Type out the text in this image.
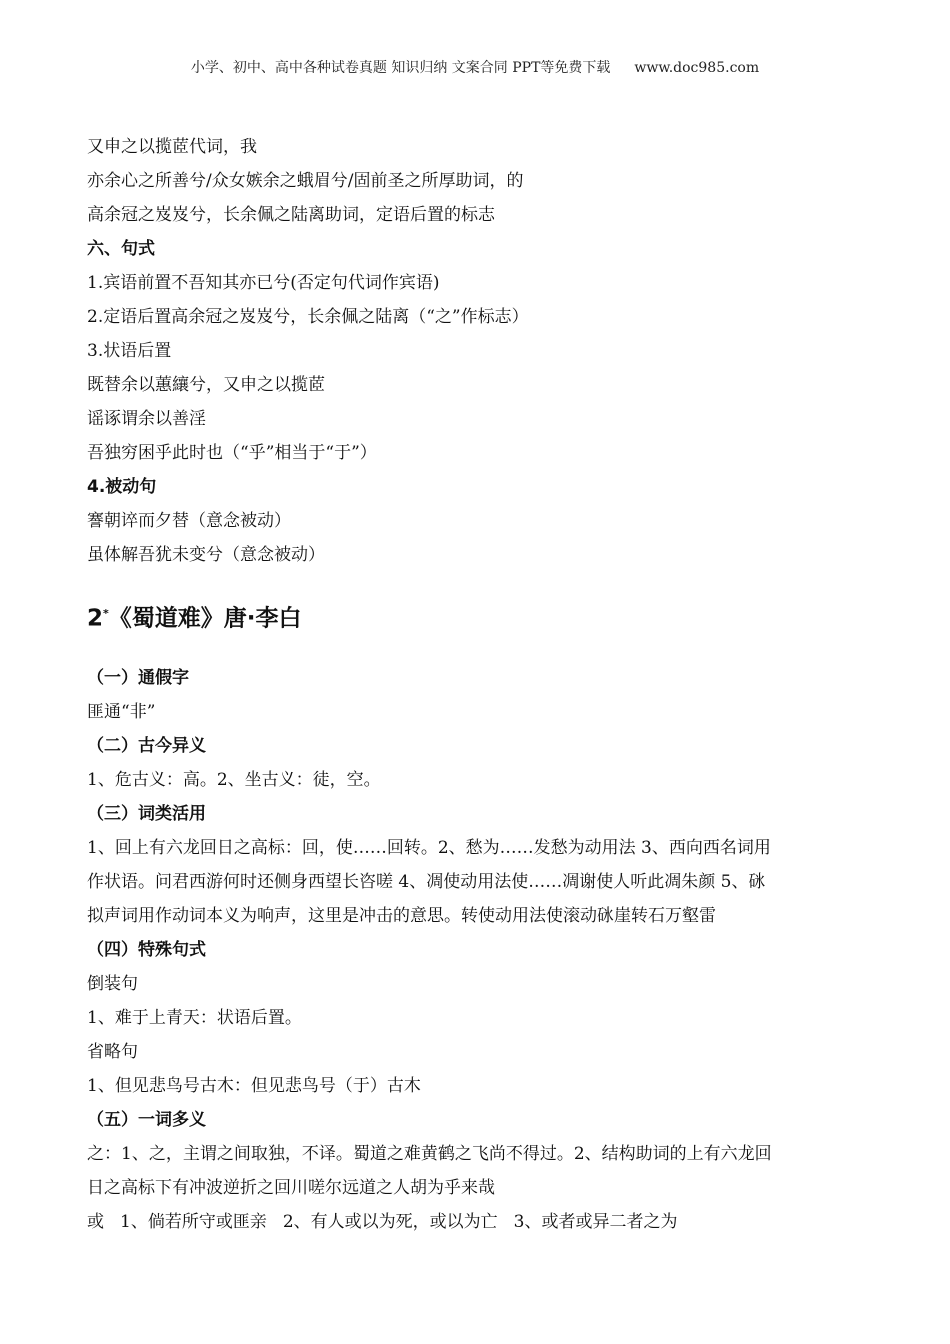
小学、初中、高中各种试卷真题 知识归纳 文案合同 PPT等免费下载 www.doc985.com
又申之以揽茝代词，我
亦余心之所善兮/众女嫉余之蛾眉兮/固前圣之所厚助词，的
高余冠之岌岌兮，长余佩之陆离助词，定语后置的标志
六、句式
1.宾语前置不吾知其亦已兮(否定句代词作宾语)
2.定语后置高余冠之岌岌兮，长余佩之陆离（“之”作标志）
3.状语后置
既替余以蕙纕兮，又申之以揽茝
谣诼谓余以善淫
吾独穷困乎此时也（“乎”相当于“于”）
4.被动句
謇朝谇而夕替（意念被动）
虽体解吾犹未变兮（意念被动）
2*《蜀道难》唐·李白
（一）通假字
匪通“非”
（二）古今异义
1、危古义：高。2、坐古义：徒，空。
（三）词类活用
1、回上有六龙回日之高标：回，使……回转。2、愁为……发愁为动用法 3、西向西名词用
作状语。问君西游何时还侧身西望长咨嗟 4、凋使动用法使……凋谢使人听此凋朱颜 5、砯
拟声词用作动词本义为响声，这里是冲击的意思。转使动用法使滚动砯崖转石万壑雷
（四）特殊句式
倒装句
1、难于上青天：状语后置。
省略句
1、但见悲鸟号古木：但见悲鸟号（于）古木
（五）一词多义
之：1、之，主谓之间取独，不译。蜀道之难黄鹤之飞尚不得过。2、结构助词的上有六龙回
日之高标下有冲波逆折之回川嗟尔远道之人胡为乎来哉
或 1、倘若所守或匪亲 2、有人或以为死，或以为亡 3、或者或异二者之为
